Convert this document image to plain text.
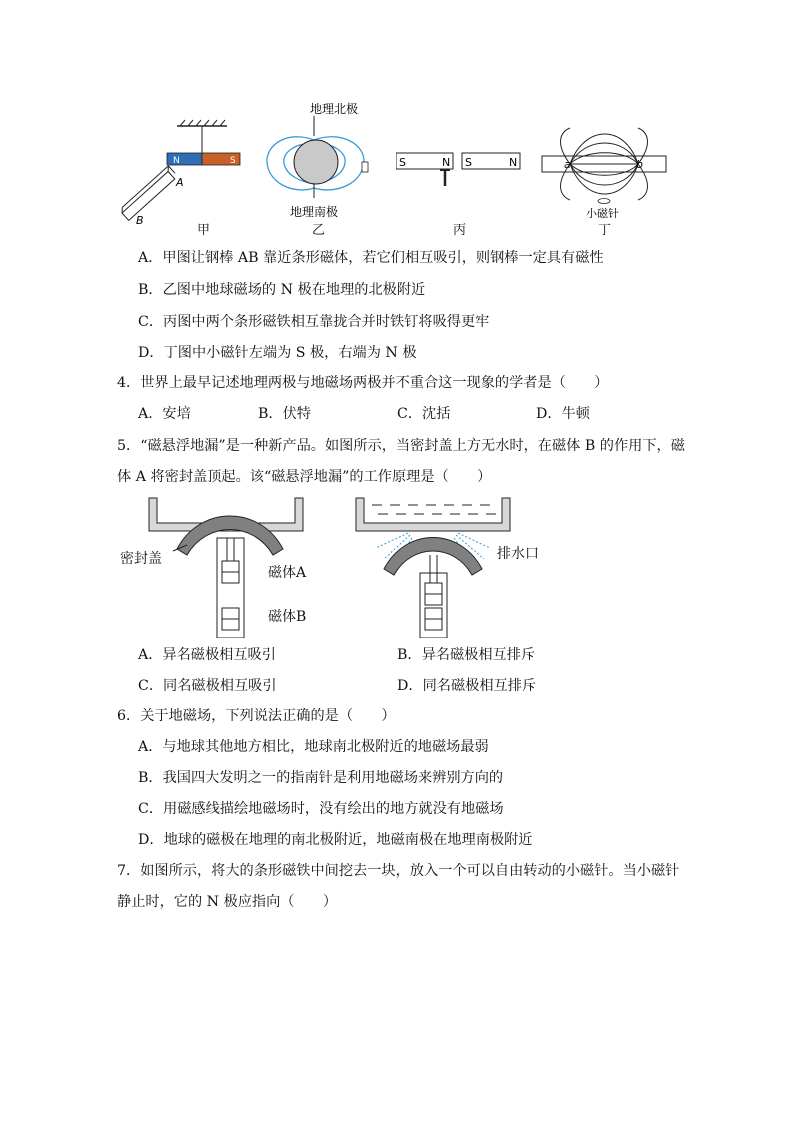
N	S
A
B
甲
地理北极
地理南极
乙
S	N S	N
丙
a	b
小磁针
丁
A．甲图让钢棒 AB 靠近条形磁体，若它们相互吸引，则钢棒一定具有磁性
B．乙图中地球磁场的 N 极在地理的北极附近
C．丙图中两个条形磁铁相互靠拢合并时铁钉将吸得更牢
D．丁图中小磁针左端为 S 极，右端为 N 极
4．世界上最早记述地理两极与地磁场两极并不重合这一现象的学者是（　　）
A．安培	B．伏特	C．沈括	D．牛顿
5．“磁悬浮地漏”是一种新产品。如图所示，当密封盖上方无水时，在磁体 B 的作用下，磁
体 A 将密封盖顶起。该“磁悬浮地漏”的工作原理是（　　）
密封盖
磁体A
磁体B
排水口
A．异名磁极相互吸引	B．异名磁极相互排斥
C．同名磁极相互吸引	D．同名磁极相互排斥
6．关于地磁场，下列说法正确的是（　　）
A．与地球其他地方相比，地球南北极附近的地磁场最弱
B．我国四大发明之一的指南针是利用地磁场来辨别方向的
C．用磁感线描绘地磁场时，没有绘出的地方就没有地磁场
D．地球的磁极在地理的南北极附近，地磁南极在地理南极附近
7．如图所示，将大的条形磁铁中间挖去一块，放入一个可以自由转动的小磁针。当小磁针
静止时，它的 N 极应指向（　　）
